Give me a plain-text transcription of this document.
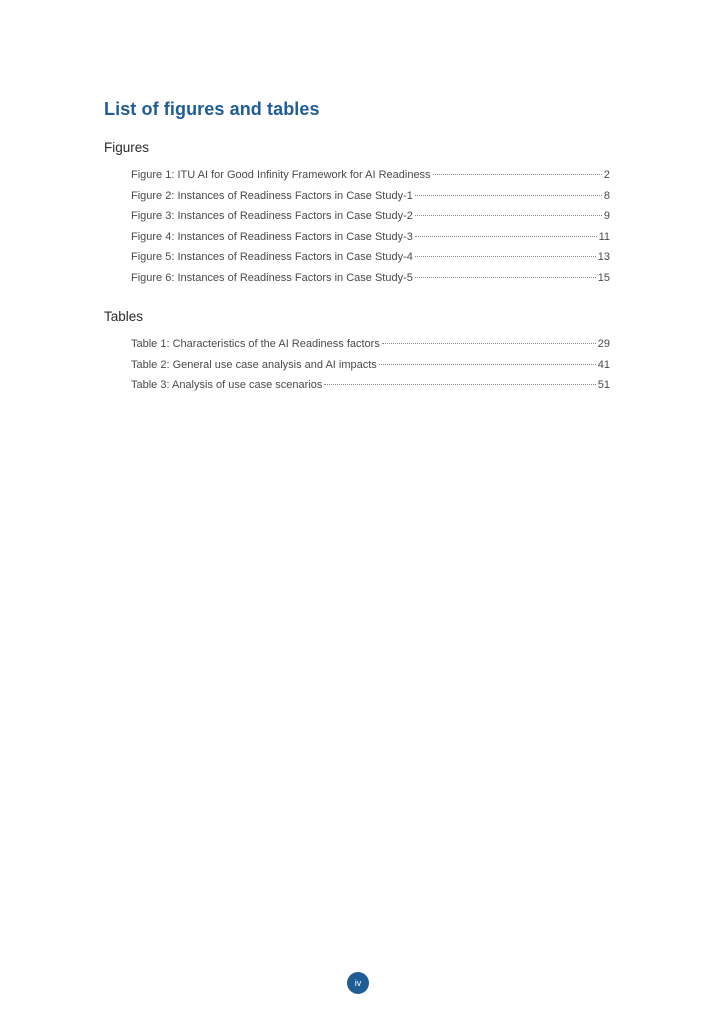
List of figures and tables
Figures
Figure 1: ITU AI for Good Infinity Framework for AI Readiness	2
Figure 2: Instances of Readiness Factors in Case Study-1	8
Figure 3: Instances of Readiness Factors in Case Study-2	9
Figure 4: Instances of Readiness Factors in Case Study-3	11
Figure 5: Instances of Readiness Factors in Case Study-4	13
Figure 6: Instances of Readiness Factors in Case Study-5	15
Tables
Table 1: Characteristics of the AI Readiness factors	29
Table 2: General use case analysis and AI impacts	41
Table 3: Analysis of use case scenarios	51
iv
